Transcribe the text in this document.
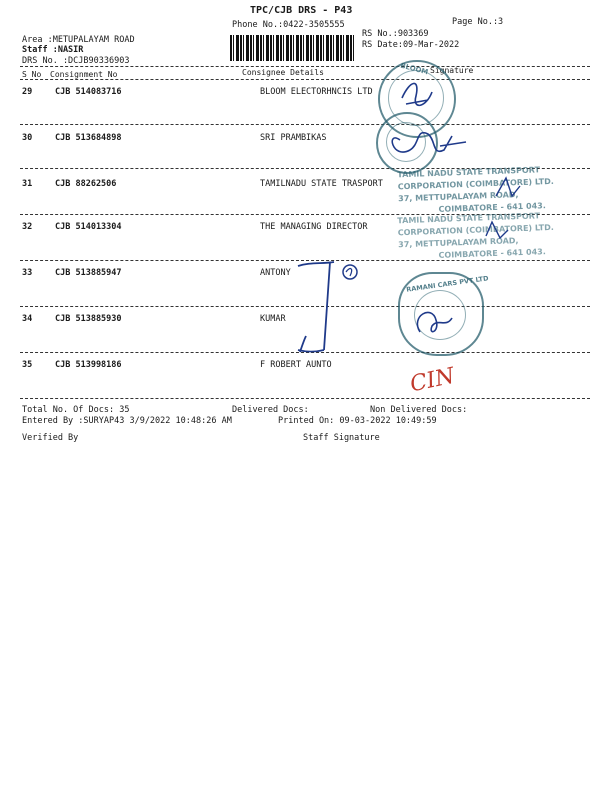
TPC/CJB DRS - P43
Phone No.:0422-3505555	Page No.:3
Area :METUPALAYAM ROAD
Staff :NASIR
DRS No. :DCJB90336903
RS No.:903369
RS Date:09-Mar-2022
S No Consignment No	Consignee Details	Signature
29	CJB 514083716	BLOOM ELECTORHNCIS LTD
30	CJB 513684898	SRI PRAMBIKAS
31	CJB 88262506	TAMILNADU STATE TRASPORT
32	CJB 514013304	THE MANAGING DIRECTOR
33	CJB 513885947	ANTONY
34	CJB 513885930	KUMAR
35	CJB 513998186	F ROBERT AUNTO
Total No. Of Docs: 35	Delivered Docs:	Non Delivered Docs:
Entered By :SURYAP43 3/9/2022 10:48:26 AM	Printed On: 09-03-2022 10:49:59
Verified By	Staff Signature
BLOOM
TAMIL NADU STATE TRANSPORT
CORPORATION (COIMBATORE) LTD.
37, METTUPALAYAM ROAD,
COIMBATORE - 641 043.
TAMIL NADU STATE TRANSPORT
CORPORATION (COIMBATORE) LTD.
37, METTUPALAYAM ROAD,
COIMBATORE - 641 043.
RAMANI CARS PVT LTD
CIN
